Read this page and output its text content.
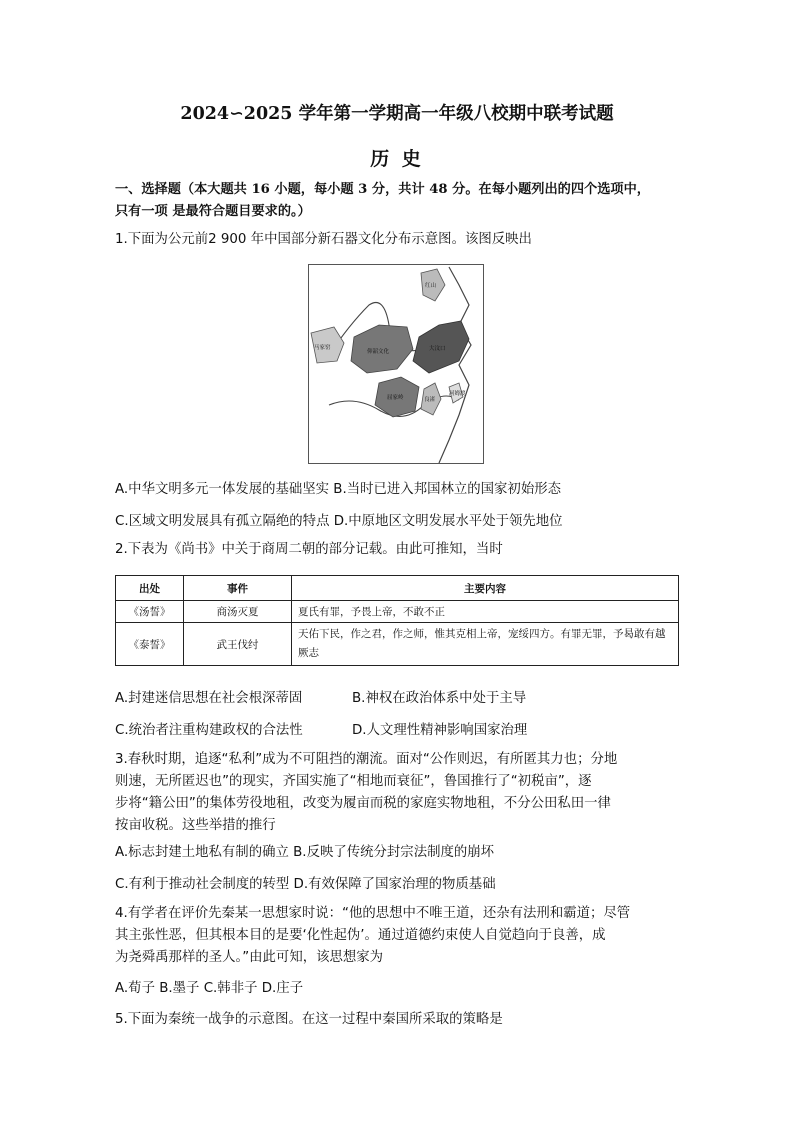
2024∽2025 学年第一学期高一年级八校期中联考试题
历 史
一、选择题（本大题共 16 小题，每小题 3 分，共计 48 分。在每小题列出的四个选项中，
只有一项 是最符合题目要求的。）
1.下面为公元前2 900 年中国部分新石器文化分布示意图。该图反映出
马家窑
仰韶文化	大汶口
屈家岭	良渚
红山
河姆渡
A.中华文明多元一体发展的基础坚实 B.当时已进入邦国林立的国家初始形态
C.区域文明发展具有孤立隔绝的特点 D.中原地区文明发展水平处于领先地位
2.下表为《尚书》中关于商周二朝的部分记载。由此可推知，当时
出处	事件	主要内容
《汤誓》	商汤灭夏	夏氏有罪，予畏上帝，不敢不正
《泰誓》	武王伐纣	天佑下民，作之君，作之师，惟其克相上帝，宠绥四方。有罪无罪，予曷敢有越厥志
A.封建迷信思想在社会根深蒂固	B.神权在政治体系中处于主导
C.统治者注重构建政权的合法性	D.人文理性精神影响国家治理
3.春秋时期，追逐“私利”成为不可阻挡的潮流。面对“公作则迟，有所匿其力也；分地
则速，无所匿迟也”的现实，齐国实施了“相地而衰征”，鲁国推行了“初税亩”，逐
步将“籍公田”的集体劳役地租，改变为履亩而税的家庭实物地租，不分公田私田一律
按亩收税。这些举措的推行
A.标志封建土地私有制的确立 B.反映了传统分封宗法制度的崩坏
C.有利于推动社会制度的转型 D.有效保障了国家治理的物质基础
4.有学者在评价先秦某一思想家时说：“他的思想中不唯王道，还杂有法刑和霸道；尽管
其主张性恶，但其根本目的是要‘化性起伪’。通过道德约束使人自觉趋向于良善，成
为尧舜禹那样的圣人。”由此可知，该思想家为
A.荀子 B.墨子 C.韩非子 D.庄子
5.下面为秦统一战争的示意图。在这一过程中秦国所采取的策略是
